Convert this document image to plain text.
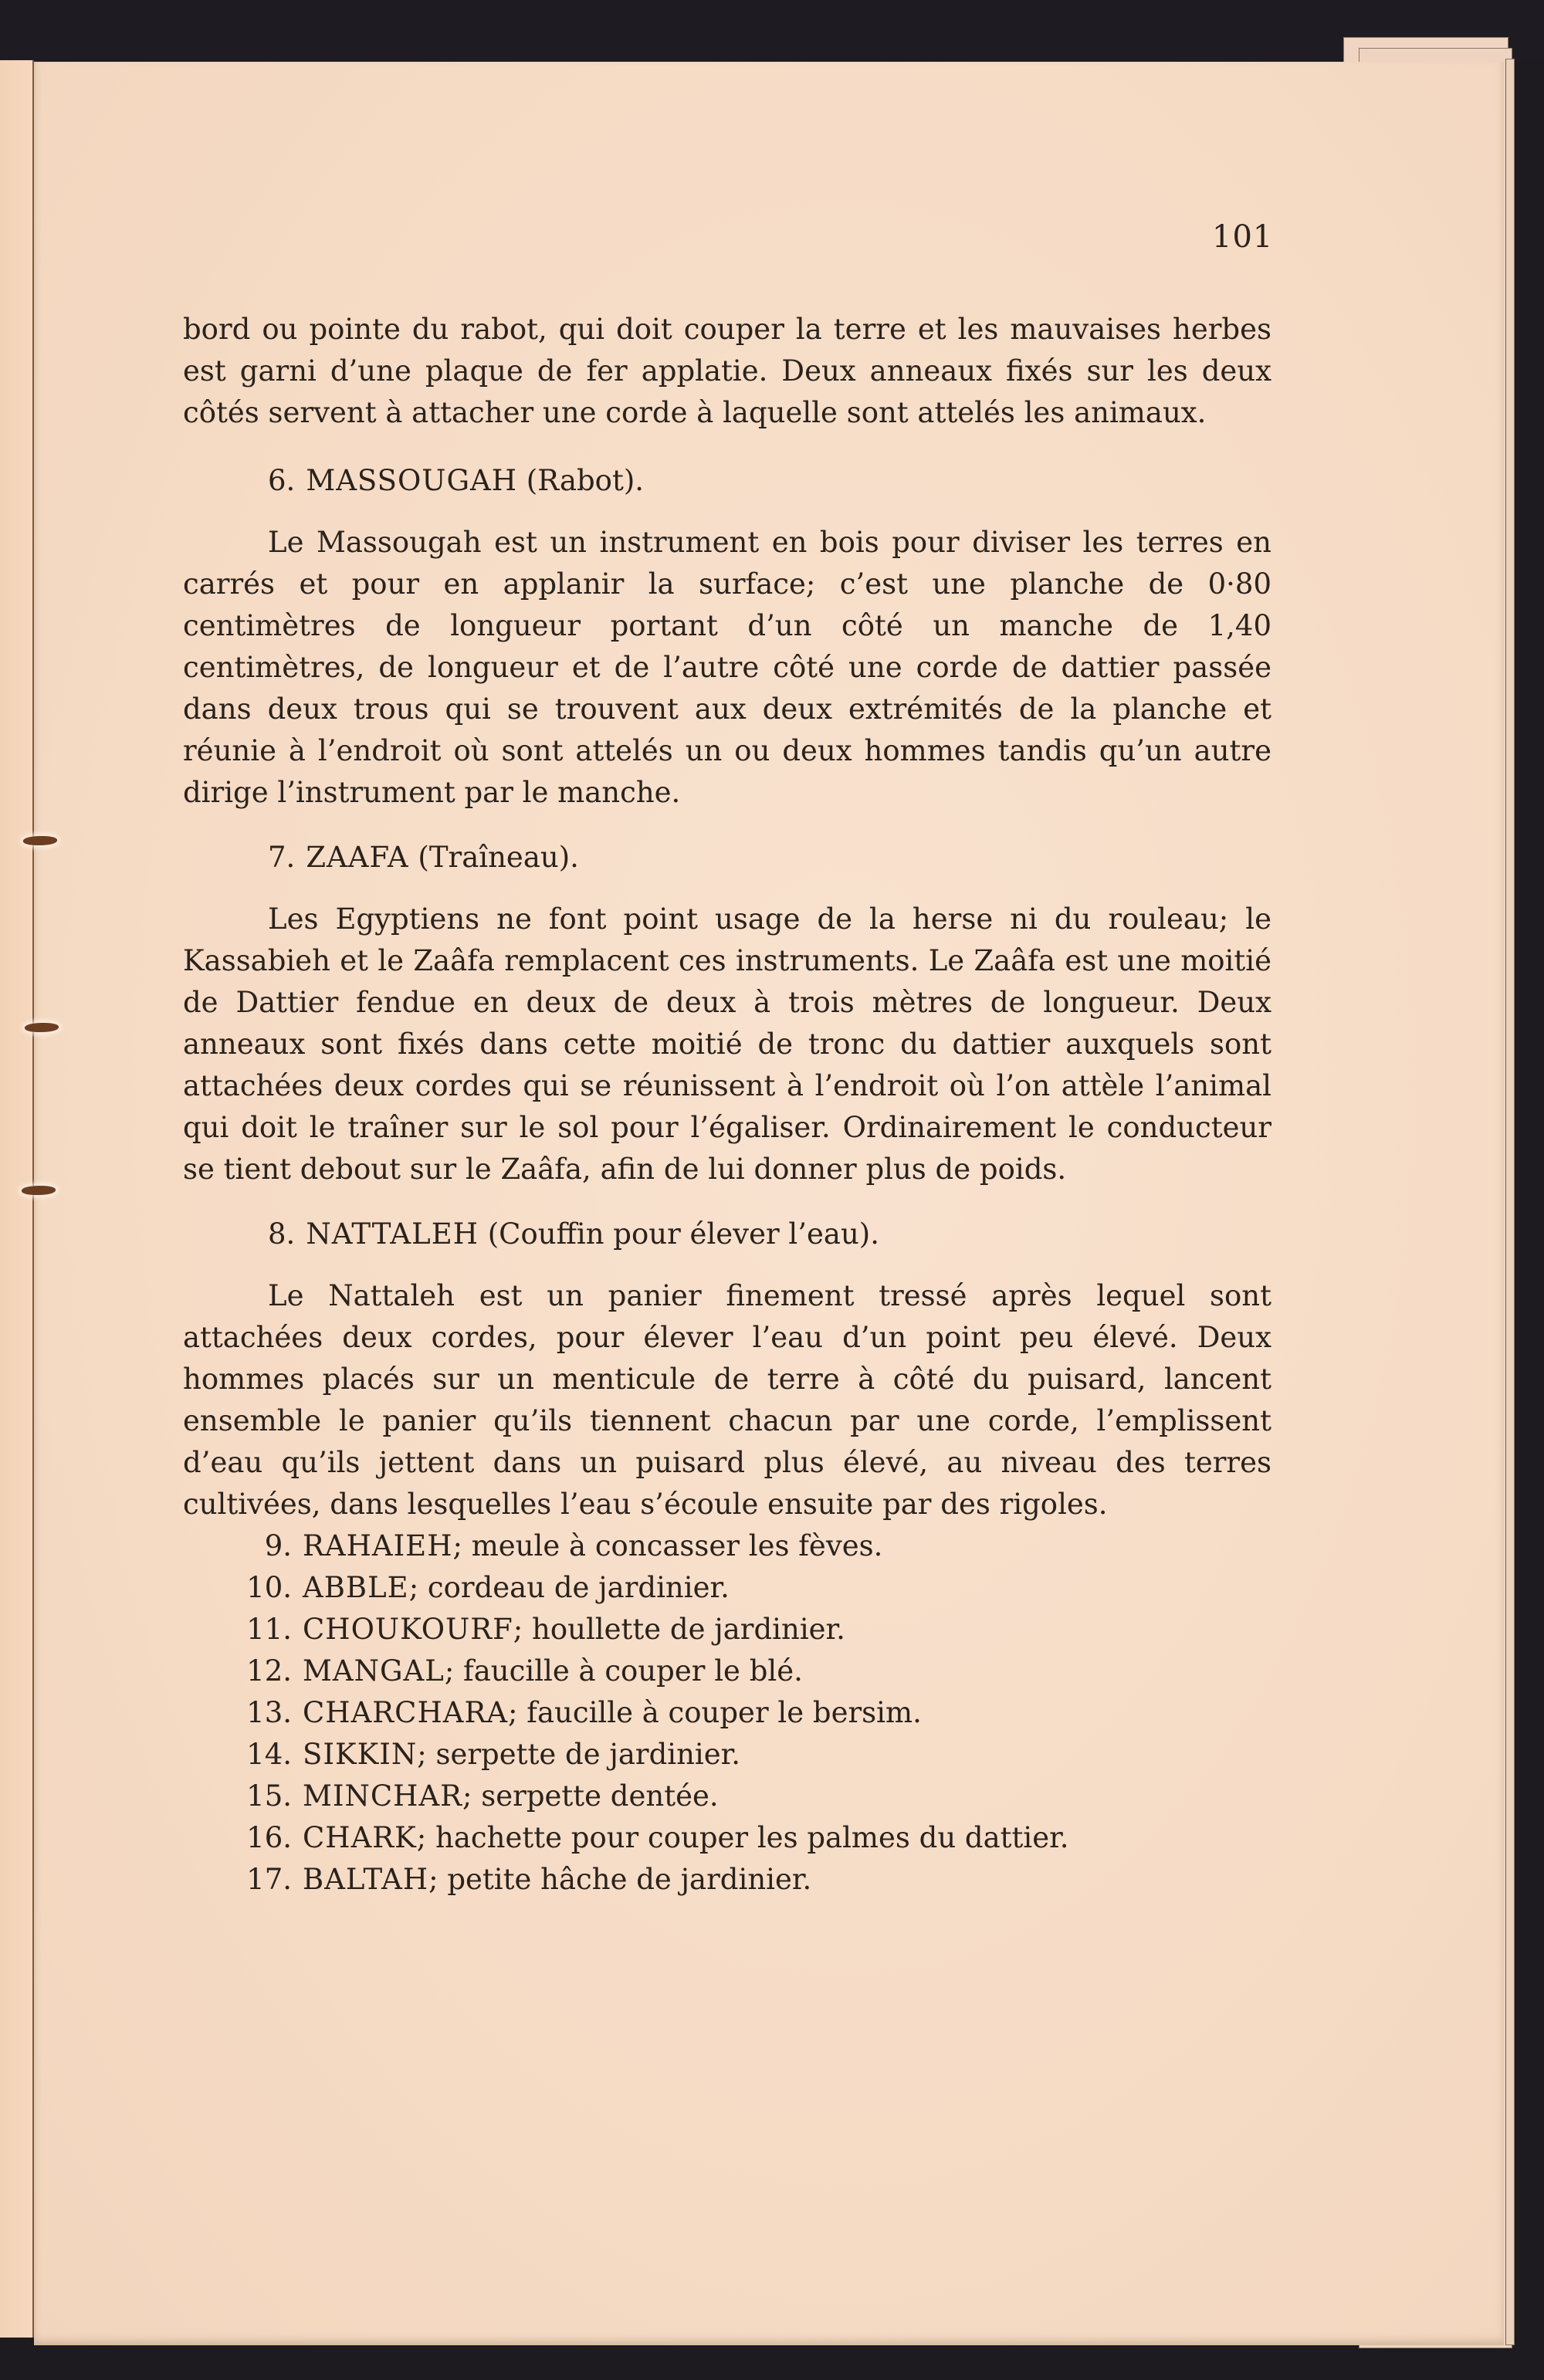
101

bord ou pointe du rabot, qui doit couper la terre et les mauvaises herbes est garni d’une plaque de fer applatie. Deux anneaux fixés sur les deux côtés servent à attacher une corde à laquelle sont attelés les animaux.

6. MASSOUGAH (Rabot).

Le Massougah est un instrument en bois pour diviser les terres en carrés et pour en applanir la surface; c’est une planche de 0·80 centimètres de longueur portant d’un côté un manche de 1,40 centimètres, de longueur et de l’autre côté une corde de dattier passée dans deux trous qui se trouvent aux deux extrémités de la planche et réunie à l’endroit où sont attelés un ou deux hommes tandis qu’un autre dirige l’instrument par le manche.

7. ZAAFA (Traîneau).

Les Egyptiens ne font point usage de la herse ni du rouleau; le Kassabieh et le Zaâfa remplacent ces instruments. Le Zaâfa est une moitié de Dattier fendue en deux de deux à trois mètres de longueur. Deux anneaux sont fixés dans cette moitié de tronc du dattier auxquels sont attachées deux cordes qui se réunissent à l’endroit où l’on attèle l’animal qui doit le traîner sur le sol pour l’égaliser. Ordinairement le conducteur se tient debout sur le Zaâfa, afin de lui donner plus de poids.

8. NATTALEH (Couffin pour élever l’eau).

Le Nattaleh est un panier finement tressé après lequel sont attachées deux cordes, pour élever l’eau d’un point peu élevé. Deux hommes placés sur un menticule de terre à côté du puisard, lancent ensemble le panier qu’ils tiennent chacun par une corde, l’emplissent d’eau qu’ils jettent dans un puisard plus élevé, au niveau des terres cultivées, dans lesquelles l’eau s’écoule ensuite par des rigoles.

9. RAHAIEH; meule à concasser les fèves.
10. ABBLE; cordeau de jardinier.
11. CHOUKOURF; houllette de jardinier.
12. MANGAL; faucille à couper le blé.
13. CHARCHARA; faucille à couper le bersim.
14. SIKKIN; serpette de jardinier.
15. MINCHAR; serpette dentée.
16. CHARK; hachette pour couper les palmes du dattier.
17. BALTAH; petite hâche de jardinier.
